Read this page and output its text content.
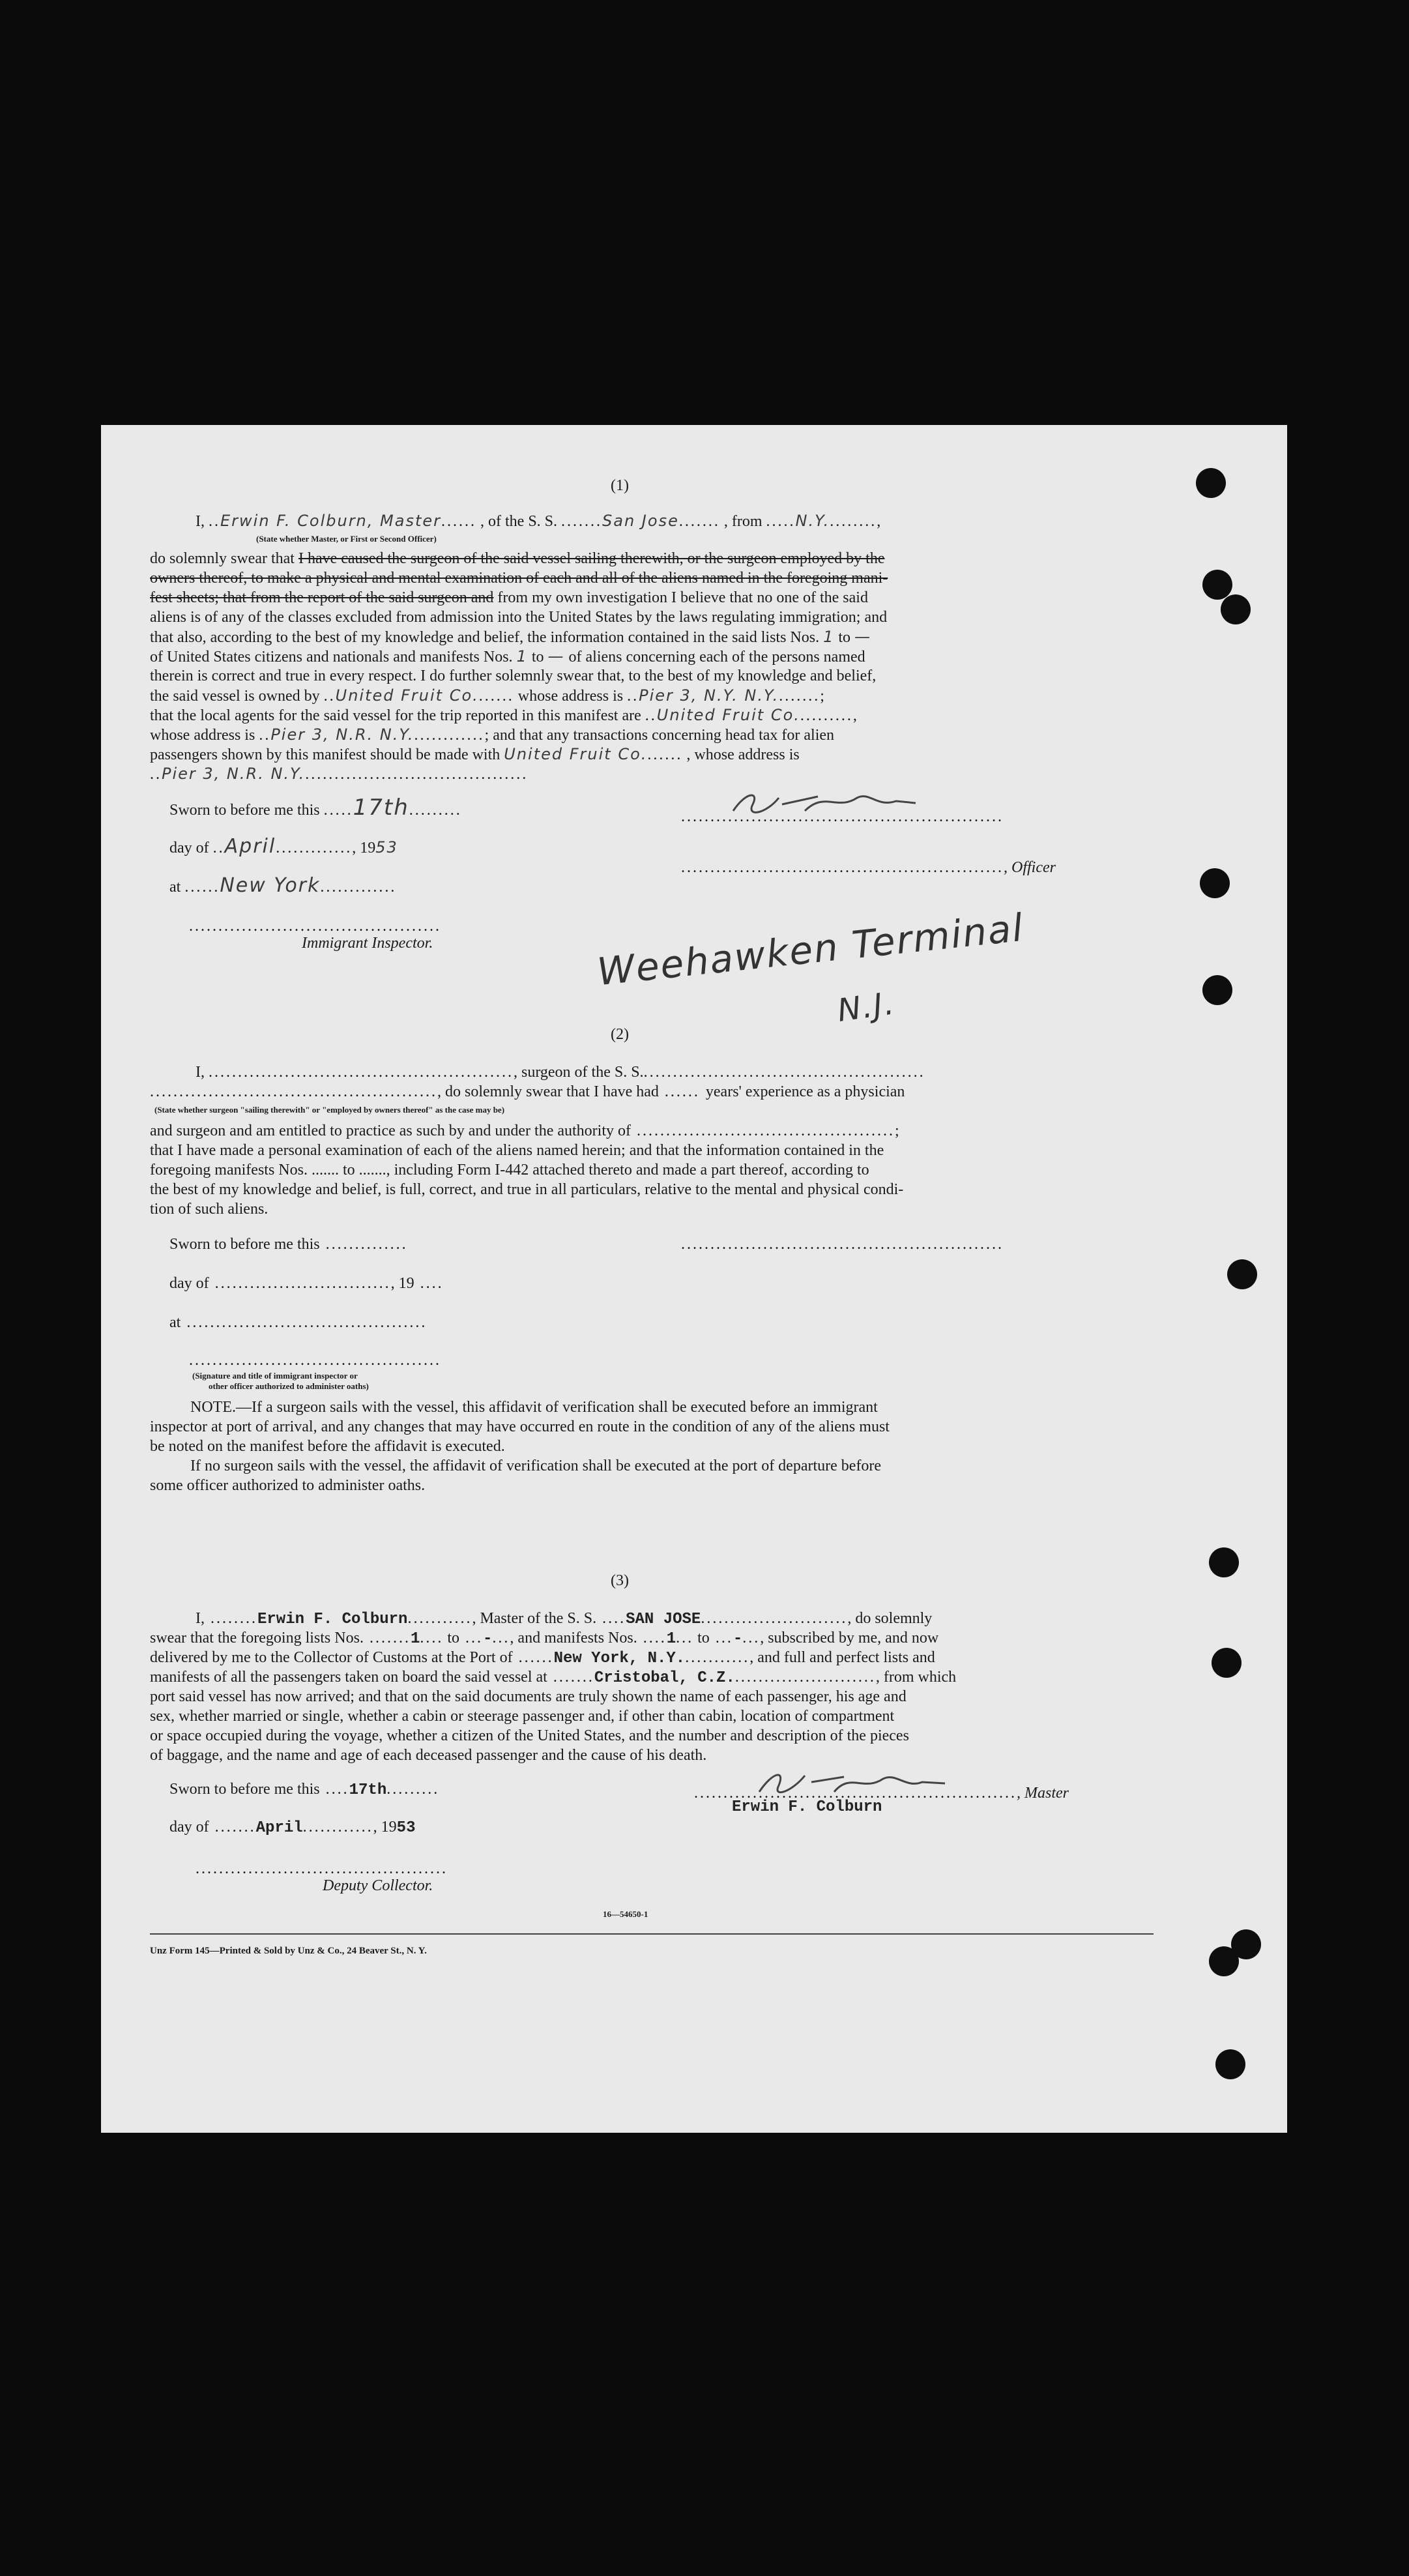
(1)
I, ..Erwin F. Colburn, Master...... , of the S. S. .......San Jose....... , from .....N.Y.........,
(State whether Master, or First or Second Officer)
do solemnly swear that I have caused the surgeon of the said vessel sailing therewith, or the surgeon employed by the
owners thereof, to make a physical and mental examination of each and all of the aliens named in the foregoing mani-
fest sheets; that from the report of the said surgeon and from my own investigation I believe that no one of the said
aliens is of any of the classes excluded from admission into the United States by the laws regulating immigration; and
that also, according to the best of my knowledge and belief, the information contained in the said lists Nos. 1 to —
of United States citizens and nationals and manifests Nos. 1 to — of aliens concerning each of the persons named
therein is correct and true in every respect. I do further solemnly swear that, to the best of my knowledge and belief,
the said vessel is owned by ..United Fruit Co....... whose address is ..Pier 3, N.Y. N.Y........;
that the local agents for the said vessel for the trip reported in this manifest are ..United Fruit Co..........,
whose address is ..Pier 3, N.R. N.Y.............; and that any transactions concerning head tax for alien
passengers shown by this manifest should be made with United Fruit Co....... , whose address is
..Pier 3, N.R. N.Y.......................................
Sworn to before me this .....17th.........
day of ..April............., 1953
at ......New York.............
...........................................
Immigrant Inspector.
.......................................................
......................................................., Officer
Weehawken Terminal
N.J.
(2)
I, ...................................................., surgeon of the S. S.................................................
................................................., do solemnly swear that I have had ...... years' experience as a physician
(State whether surgeon "sailing therewith" or "employed by owners thereof" as the case may be)
and surgeon and am entitled to practice as such by and under the authority of ............................................;
that I have made a personal examination of each of the aliens named herein; and that the information contained in the
foregoing manifests Nos. ....... to ......., including Form I-442 attached thereto and made a part thereof, according to
the best of my knowledge and belief, is full, correct, and true in all particulars, relative to the mental and physical condi-
tion of such aliens.
Sworn to before me this ..............	.......................................................
day of .............................., 19 ....
at .........................................
...........................................
(Signature and title of immigrant inspector or
other officer authorized to administer oaths)
NOTE.—If a surgeon sails with the vessel, this affidavit of verification shall be executed before an immigrant
inspector at port of arrival, and any changes that may have occurred en route in the condition of any of the aliens must
be noted on the manifest before the affidavit is executed.
If no surgeon sails with the vessel, the affidavit of verification shall be executed at the port of departure before
some officer authorized to administer oaths.
(3)
I, ........Erwin F. Colburn..........., Master of the S. S. ....SAN JOSE........................., do solemnly
swear that the foregoing lists Nos. .......1.... to ...-..., and manifests Nos. ....1... to ...-..., subscribed by me, and now
delivered by me to the Collector of Customs at the Port of ......New York, N.Y............, and full and perfect lists and
manifests of all the passengers taken on board the said vessel at .......Cristobal, C.Z........................., from which
port said vessel has now arrived; and that on the said documents are truly shown the name of each passenger, his age and
sex, whether married or single, whether a cabin or steerage passenger and, if other than cabin, location of compartment
or space occupied during the voyage, whether a citizen of the United States, and the number and description of the pieces
of baggage, and the name and age of each deceased passenger and the cause of his death.
Sworn to before me this ....17th.........
day of .......April............, 1953
......................................................., Master
Erwin F. Colburn
...........................................
Deputy Collector.
16—54650-1
Unz Form 145—Printed & Sold by Unz & Co., 24 Beaver St., N. Y.
